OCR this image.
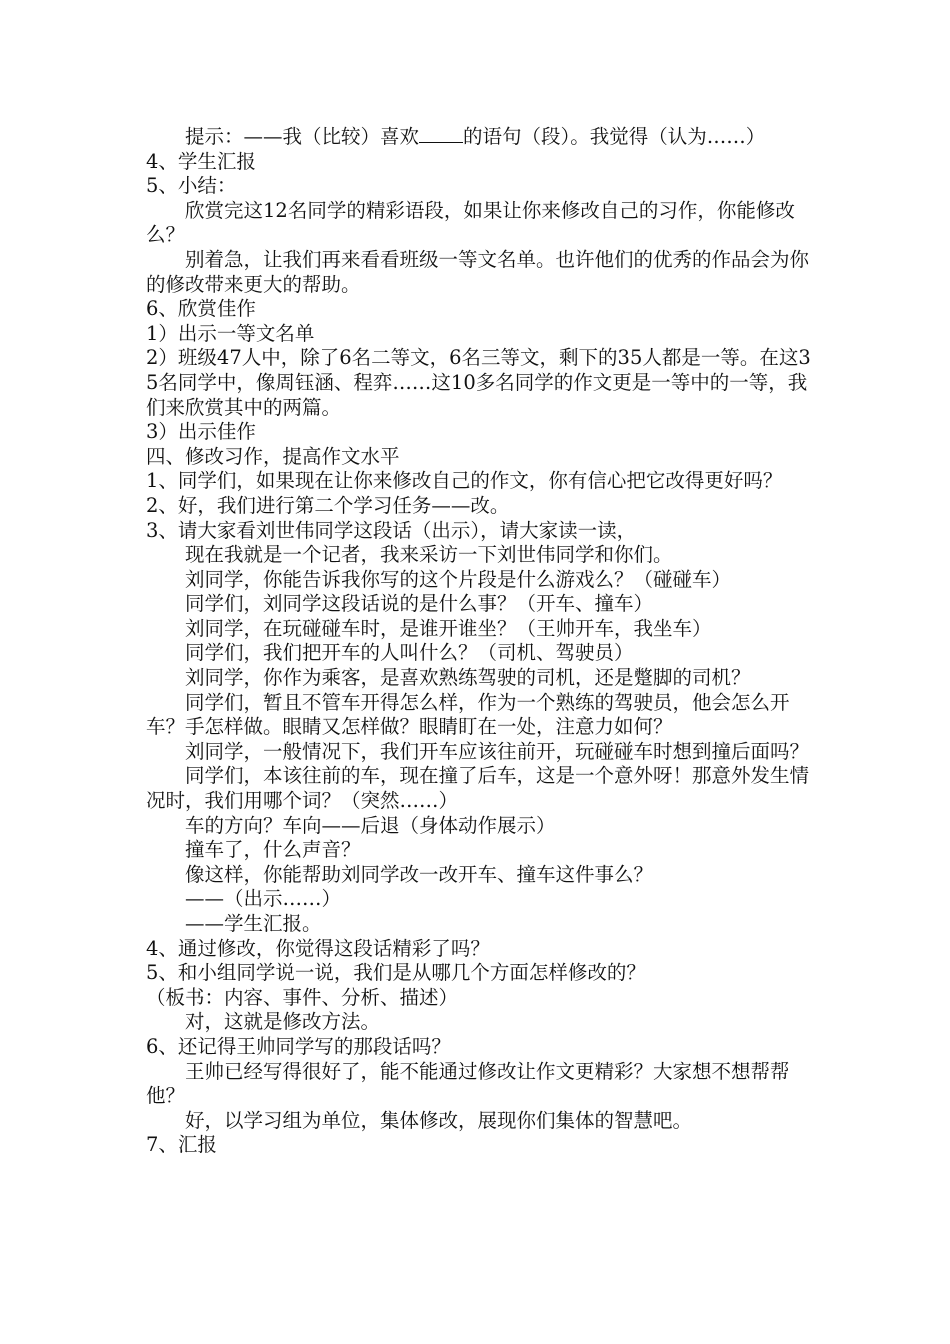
提示：——我（比较）喜欢 的语句（段）。我觉得（认为……）

4、学生汇报

5、小结：

欣赏完这12名同学的精彩语段，如果让你来修改自己的习作，你能修改么？

别着急，让我们再来看看班级一等文名单。也许他们的优秀的作品会为你的修改带来更大的帮助。

6、欣赏佳作

1）出示一等文名单

2）班级47人中，除了6名二等文，6名三等文，剩下的35人都是一等。在这35名同学中，像周钰涵、程弈……这10多名同学的作文更是一等中的一等，我们来欣赏其中的两篇。

3）出示佳作

四、修改习作，提高作文水平

1、同学们，如果现在让你来修改自己的作文，你有信心把它改得更好吗？

2、好，我们进行第二个学习任务——改。

3、请大家看刘世伟同学这段话（出示），请大家读一读，

现在我就是一个记者，我来采访一下刘世伟同学和你们。

刘同学，你能告诉我你写的这个片段是什么游戏么？（碰碰车）

同学们，刘同学这段话说的是什么事？（开车、撞车）

刘同学，在玩碰碰车时，是谁开谁坐？（王帅开车，我坐车）

同学们，我们把开车的人叫什么？（司机、驾驶员）

刘同学，你作为乘客，是喜欢熟练驾驶的司机，还是蹩脚的司机？

同学们，暂且不管车开得怎么样，作为一个熟练的驾驶员，他会怎么开车？手怎样做。眼睛又怎样做？眼睛盯在一处，注意力如何？

刘同学，一般情况下，我们开车应该往前开，玩碰碰车时想到撞后面吗？

同学们，本该往前的车，现在撞了后车，这是一个意外呀！那意外发生情况时，我们用哪个词？（突然……）

车的方向？车向——后退（身体动作展示）

撞车了，什么声音？

像这样，你能帮助刘同学改一改开车、撞车这件事么？

——（出示……）

——学生汇报。

4、通过修改，你觉得这段话精彩了吗？

5、和小组同学说一说，我们是从哪几个方面怎样修改的？

（板书：内容、事件、分析、描述）

对，这就是修改方法。

6、还记得王帅同学写的那段话吗？

王帅已经写得很好了，能不能通过修改让作文更精彩？大家想不想帮帮他？

好，以学习组为单位，集体修改，展现你们集体的智慧吧。

7、汇报
